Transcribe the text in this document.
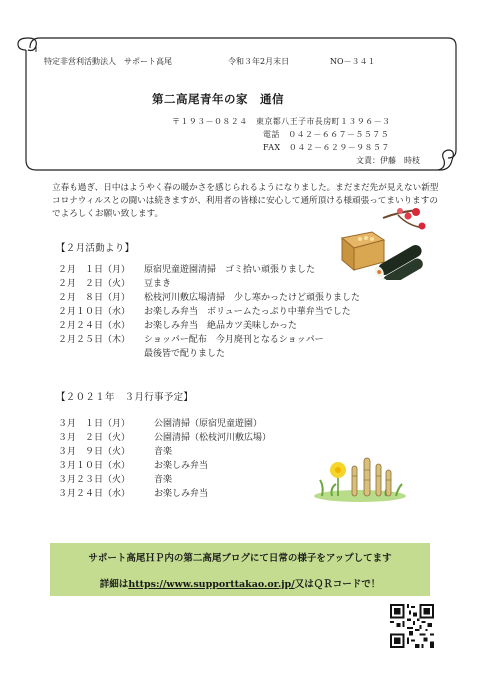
特定非営利活動法人　サポート高尾	令和３年2月末日	NO－３４１
第二高尾青年の家　通信
〒１９３－０８２４　東京都八王子市長房町１３９６－３
電話　０４２－６６７－５５７５
FAX　０４２－６２９－９８５７
文責：伊藤　時枝
立春も過ぎ、日中はようやく春の暖かさを感じられるようになりました。まだまだ先が見えない新型コロナウィルスとの闘いは続きますが、利用者の皆様に安心して通所頂ける様頑張ってまいりますのでよろしくお願い致します。
【２月活動より】
２月　１日（月） 原宿児童遊園清掃　ゴミ拾い頑張りました
２月　２日（火） 豆まき
２月　８日（月） 松枝河川敷広場清掃　少し寒かったけど頑張りました
２月１０日（水） お楽しみ弁当　ボリュームたっぷり中華弁当でした
２月２４日（水） お楽しみ弁当　絶品カツ美味しかった
２月２５日（木） ショッパー配布　今月廃刊となるショッパー
最後皆で配りました
【２０２１年　３月行事予定】
３月　１日（月）	公園清掃（原宿児童遊園）
３月　２日（火）	公園清掃（松枝河川敷広場）
３月　９日（火）	音楽
３月１０日（水）	お楽しみ弁当
３月２３日（火）	音楽
３月２４日（水）	お楽しみ弁当
サポート高尾ＨＰ内の第二高尾ブログにて日常の様子をアップしてます
詳細はhttps://www.supporttakao.or.jp/又はＱＲコードで！
